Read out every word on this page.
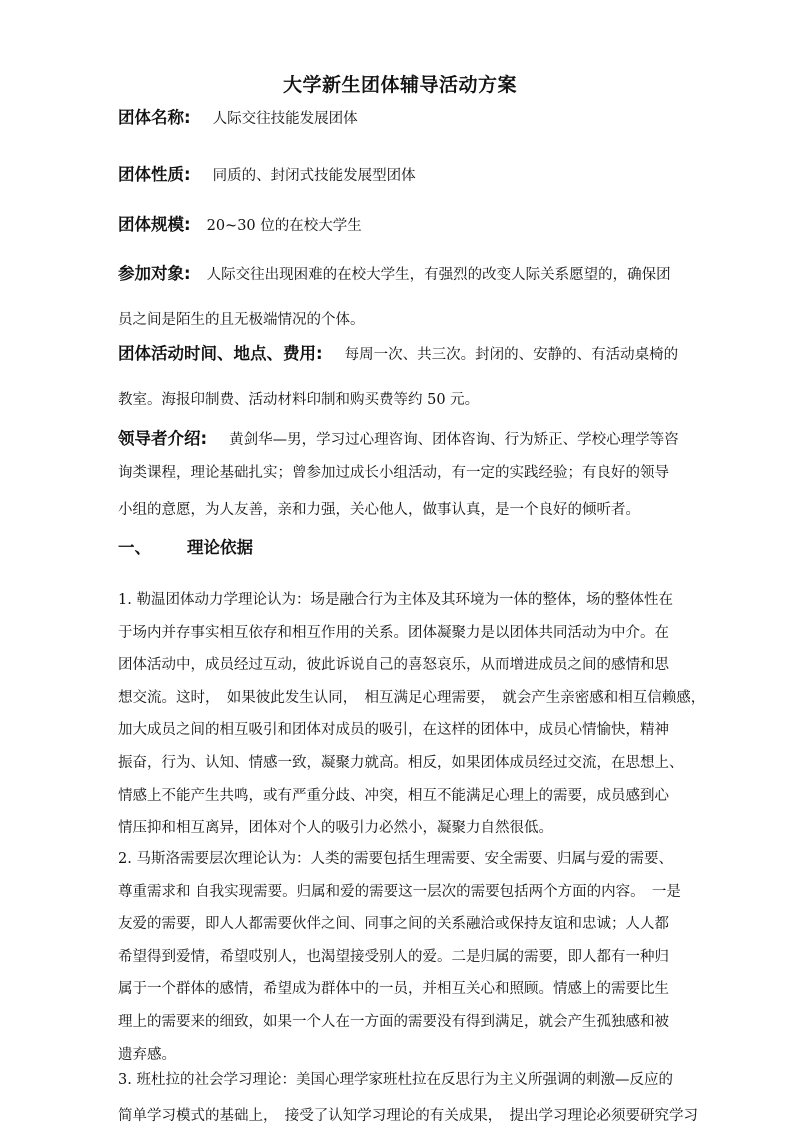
大学新生团体辅导活动方案
团体名称: 人际交往技能发展团体
团体性质: 同质的、封闭式技能发展型团体
团体规模: 20~30 位的在校大学生
参加对象: 人际交往出现困难的在校大学生，有强烈的改变人际关系愿望的，确保团
员之间是陌生的且无极端情况的个体。
团体活动时间、地点、费用: 每周一次、共三次。封闭的、安静的、有活动桌椅的
教室。海报印制费、活动材料印制和购买费等约 50 元。
领导者介绍: 黄剑华—男，学习过心理咨询、团体咨询、行为矫正、学校心理学等咨
询类课程，理论基础扎实；曾参加过成长小组活动，有一定的实践经验；有良好的领导
小组的意愿，为人友善，亲和力强，关心他人，做事认真，是一个良好的倾听者。
一、 理论依据
1. 勒温团体动力学理论认为：场是融合行为主体及其环境为一体的整体，场的整体性在
于场内并存事实相互依存和相互作用的关系。团体凝聚力是以团体共同活动为中介。在
团体活动中，成员经过互动，彼此诉说自己的喜怒哀乐，从而增进成员之间的感情和思
想交流。这时，　如果彼此发生认同，　相互满足心理需要，　就会产生亲密感和相互信赖感，
加大成员之间的相互吸引和团体对成员的吸引，在这样的团体中，成员心情愉快，精神
振奋，行为、认知、情感一致，凝聚力就高。相反，如果团体成员经过交流，在思想上、
情感上不能产生共鸣，或有严重分歧、冲突，相互不能满足心理上的需要，成员感到心
情压抑和相互离异，团体对个人的吸引力必然小，凝聚力自然很低。
2. 马斯洛需要层次理论认为：人类的需要包括生理需要、安全需要、归属与爱的需要、
尊重需求和 自我实现需要。归属和爱的需要这一层次的需要包括两个方面的内容。　一是
友爱的需要，即人人都需要伙伴之间、同事之间的关系融洽或保持友谊和忠诚；人人都
希望得到爱情，希望哎别人，也渴望接受别人的爱。二是归属的需要，即人都有一种归
属于一个群体的感情，希望成为群体中的一员，并相互关心和照顾。情感上的需要比生
理上的需要来的细致，如果一个人在一方面的需要没有得到满足，就会产生孤独感和被
遗弃感。
3. 班杜拉的社会学习理论：美国心理学家班杜拉在反思行为主义所强调的刺激—反应的
简单学习模式的基础上，　接受了认知学习理论的有关成果，　提出学习理论必须要研究学习
